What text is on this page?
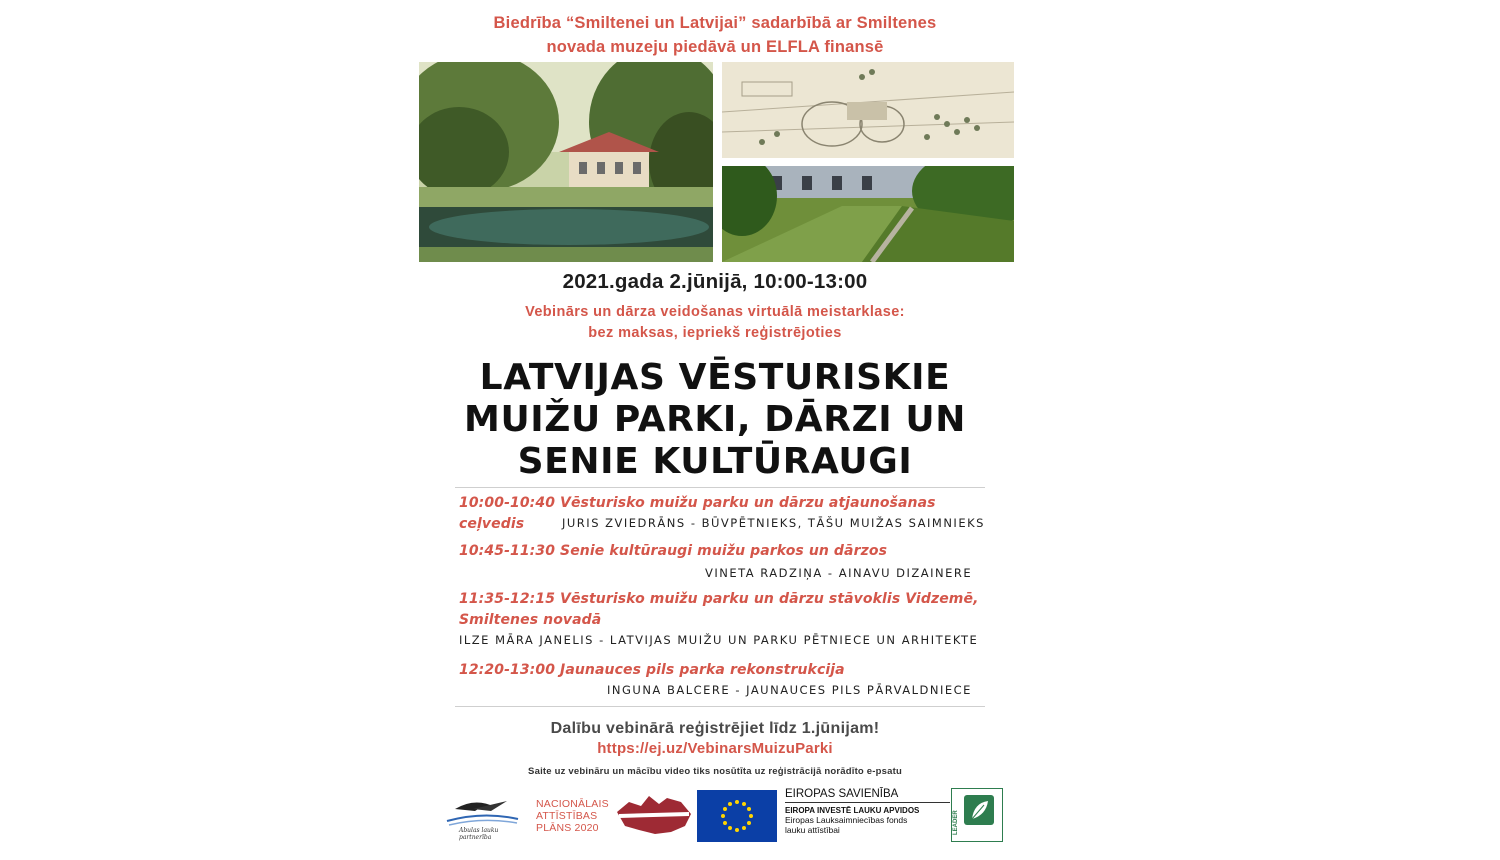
Biedrība “Smiltenei un Latvijai” sadarbībā ar Smiltenes
novada muzeju piedāvā un ELFLA finansē
2021.gada 2.jūnijā, 10:00-13:00
Vebinārs un dārza veidošanas virtuālā meistarklase:
bez maksas, iepriekš reģistrējoties
LATVIJAS VĒSTURISKIE
MUIŽU PARKI, DĀRZI UN
SENIE KULTŪRAUGI
10:00-10:40 Vēsturisko muižu parku un dārzu atjaunošanas ceļvedis	JURIS ZVIEDRĀNS - BŪVPĒTNIEKS, TĀŠU MUIŽAS SAIMNIEKS
10:45-11:30 Senie kultūraugi muižu parkos un dārzos
VINETA RADZIŅA - AINAVU DIZAINERE
11:35-12:15 Vēsturisko muižu parku un dārzu stāvoklis Vidzemē,
Smiltenes novadā
ILZE MĀRA JANELIS - LATVIJAS MUIŽU UN PARKU PĒTNIECE UN ARHITEKTE
12:20-13:00 Jaunauces pils parka rekonstrukcija
INGUNA BALCERE - JAUNAUCES PILS PĀRVALDNIECE
Dalību vebinārā reģistrējiet līdz 1.jūnijam!
https://ej.uz/VebinarsMuizuParki
Saite uz vebināru un mācību video tiks nosūtīta uz reģistrācijā norādīto e-psatu
Abulas lauku partnerība
NACIONĀLAIS
ATTĪSTĪBAS
PLĀNS 2020
EIROPAS SAVIENĪBA
EIROPA INVESTĒ LAUKU APVIDOS
Eiropas Lauksaimniecības fonds
lauku attīstībai	LEADER
